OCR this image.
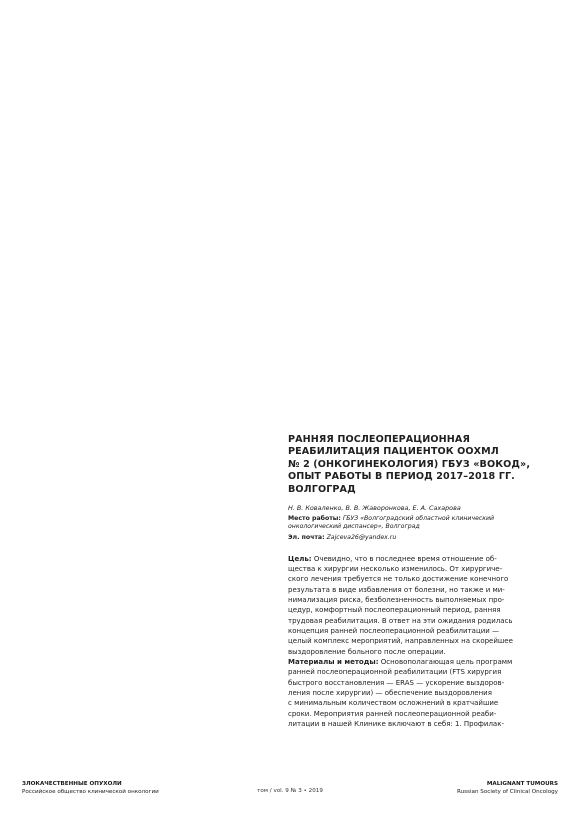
РАННЯЯ ПОСЛЕОПЕРАЦИОННАЯ
РЕАБИЛИТАЦИЯ ПАЦИЕНТОК ООХМЛ
№ 2 (ОНКОГИНЕКОЛОГИЯ) ГБУЗ «ВОКОД»,
ОПЫТ РАБОТЫ В ПЕРИОД 2017–2018 ГГ.
ВОЛГОГРАД
Н. В. Коваленко, В. В. Жаворонкова, Е. А. Сахарова
Место работы: ГБУЗ «Волгоградский областной клинический
онкологический диспансер», Волгоград
Эл. почта: Zajceva26@yandex.ru
Цель: Очевидно, что в последнее время отношение об-
щества к хирургии несколько изменилось. От хирургиче-
ского лечения требуется не только достижение конечного
результата в виде избавления от болезни, но также и ми-
нимализация риска, безболезненность выполняемых про-
цедур, комфортный послеоперационный период, ранняя
трудовая реабилитация. В ответ на эти ожидания родилась
концепция ранней послеоперационной реабилитации —
целый комплекс мероприятий, направленных на скорейшее
выздоровление больного после операции.
Материалы и методы: Основополагающая цель программ
ранней послеоперационной реабилитации (FTS хирургия
быстрого восстановления — ERAS — ускорение выздоров-
ления после хирургии) — обеспечение выздоровления
с минимальным количеством осложнений в кратчайшие
сроки. Мероприятия ранней послеоперационной реаби-
литации в нашей Клинике включают в себя: 1. Профилак-
ЗЛОКАЧЕСТВЕННЫЕ ОПУХОЛИ
Российское общество клинической онкологии	том / vol. 9 № 3 • 2019
MALIGNANT TUMOURS
Russian Society of Clinical Oncology
